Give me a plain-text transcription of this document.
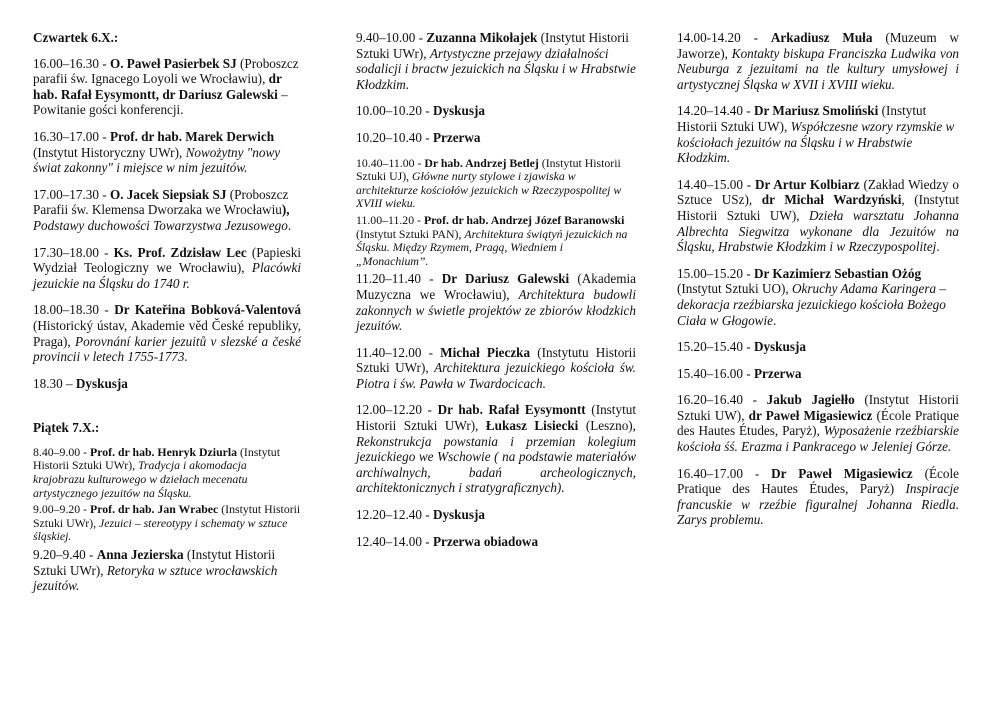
Czwartek 6.X.:

16.00–16.30 - O. Paweł Pasierbek SJ (Proboszcz parafii św. Ignacego Loyoli we Wrocławiu), dr hab. Rafał Eysymontt, dr Dariusz Galewski – Powitanie gości konferencji.

16.30–17.00 - Prof. dr hab. Marek Derwich (Instytut Historyczny UWr), Nowożytny "nowy świat zakonny" i miejsce w nim jezuitów.

17.00–17.30 - O. Jacek Siepsiak SJ (Proboszcz Parafii św. Klemensa Dworzaka we Wrocławiu), Podstawy duchowości Towarzystwa Jezusowego.

17.30–18.00 - Ks. Prof. Zdzisław Lec (Papieski Wydział Teologiczny we Wrocławiu), Placówki jezuickie na Śląsku do 1740 r.

18.00–18.30 - Dr Kateřina Bobková-Valentová (Historický ústav, Akademie věd České republiky, Praga), Porovnání karier jezuitů v slezské a české provincii v letech 1755-1773.

18.30 – Dyskusja

Piątek 7.X.:
8.40–9.00 - Prof. dr hab. Henryk Dziurla (Instytut Historii Sztuki UWr), Tradycja i akomodacja krajobrazu kulturowego w dziełach mecenatu artystycznego jezuitów na Śląsku.
9.00–9.20 - Prof. dr hab. Jan Wrabec (Instytut Historii Sztuki UWr), Jezuici – stereotypy i schematy w sztuce śląskiej.

9.20–9.40 - Anna Jezierska (Instytut Historii Sztuki UWr), Retoryka w sztuce wrocławskich jezuitów.

9.40–10.00 - Zuzanna Mikołajek (Instytut Historii Sztuki UWr), Artystyczne przejawy działalności sodalicji i bractw jezuickich na Śląsku i w Hrabstwie Kłodzkim.

10.00–10.20 - Dyskusja

10.20–10.40 - Przerwa

10.40–11.00 - Dr hab. Andrzej Betlej (Instytut Historii Sztuki UJ), Główne nurty stylowe i zjawiska w architekturze kościołów jezuickich w Rzeczypospolitej w XVIII wieku.
11.00–11.20 - Prof. dr hab. Andrzej Józef Baranowski (Instytut Sztuki PAN), Architektura świątyń jezuickich na Śląsku. Między Rzymem, Pragą, Wiedniem i „Monachium”.

11.20–11.40 - Dr Dariusz Galewski (Akademia Muzyczna we Wrocławiu), Architektura budowli zakonnych w świetle projektów ze zbiorów kłodzkich jezuitów.

11.40–12.00 - Michał Pieczka (Instytutu Historii Sztuki UWr), Architektura jezuickiego kościoła św. Piotra i św. Pawła w Twardocicach.

12.00–12.20 - Dr hab. Rafał Eysymontt (Instytut Historii Sztuki UWr), Łukasz Lisiecki (Leszno), Rekonstrukcja powstania i przemian kolegium jezuickiego we Wschowie ( na podstawie materiałów archiwalnych, badań archeologicznych, architektonicznych i stratygraficznych).

12.20–12.40 - Dyskusja

12.40–14.00 - Przerwa obiadowa

14.00-14.20 - Arkadiusz Muła (Muzeum w Jaworze), Kontakty biskupa Franciszka Ludwika von Neuburga z jezuitami na tle kultury umysłowej i artystycznej Śląska w XVII i XVIII wieku.

14.20–14.40 - Dr Mariusz Smoliński (Instytut Historii Sztuki UW), Współczesne wzory rzymskie w kościołach jezuitów na Śląsku i w Hrabstwie Kłodzkim.

14.40–15.00 - Dr Artur Kolbiarz (Zakład Wiedzy o Sztuce USz), dr Michał Wardzyński, (Instytut Historii Sztuki UW), Dzieła warsztatu Johanna Albrechta Siegwitza wykonane dla Jezuitów na Śląsku, Hrabstwie Kłodzkim i w Rzeczypospolitej.

15.00–15.20 - Dr Kazimierz Sebastian Ożóg (Instytut Sztuki UO), Okruchy Adama Karingera – dekoracja rzeźbiarska jezuickiego kościoła Bożego Ciała w Głogowie.

15.20–15.40 - Dyskusja

15.40–16.00 - Przerwa

16.20–16.40 - Jakub Jagiełło (Instytut Historii Sztuki UW), dr Paweł Migasiewicz (École Pratique des Hautes Études, Paryż), Wyposażenie rzeźbiarskie kościoła śś. Erazma i Pankracego w Jeleniej Górze.

16.40–17.00 - Dr Paweł Migasiewicz (École Pratique des Hautes Études, Paryż) Inspiracje francuskie w rzeźbie figuralnej Johanna Riedla. Zarys problemu.
